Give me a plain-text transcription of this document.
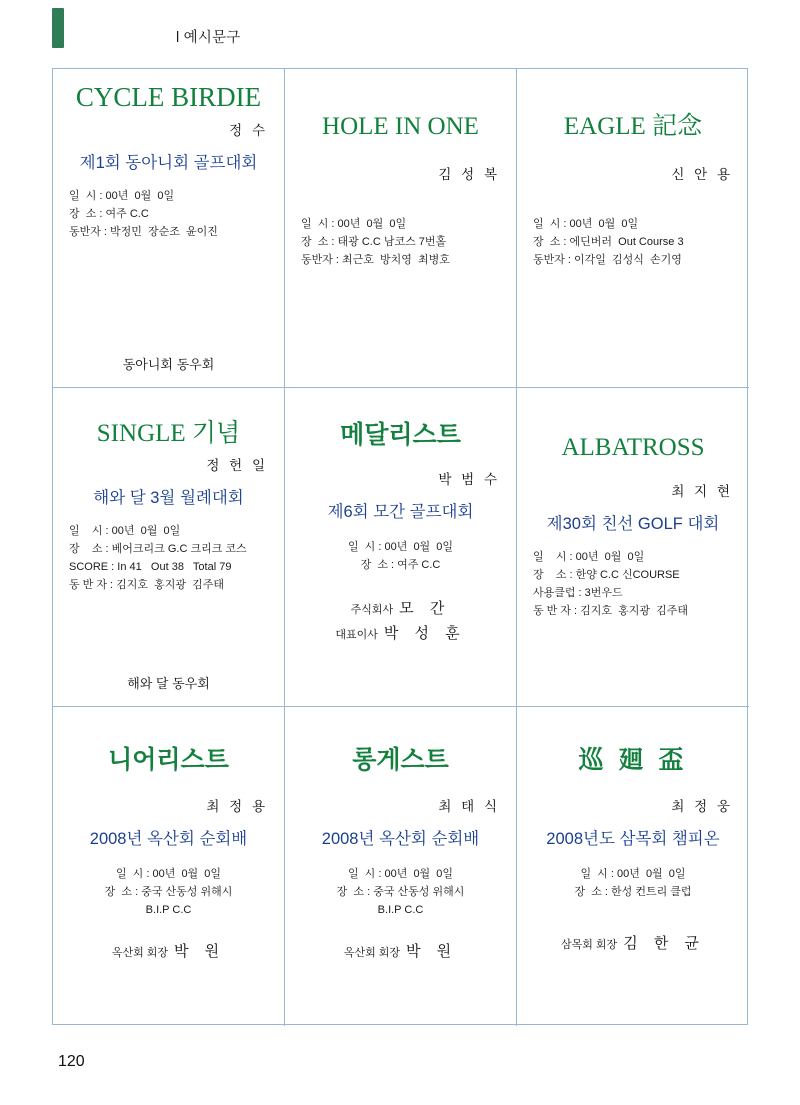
l 예시문구
CYCLE BIRDIE
정 수
제1회 동아니회 골프대회
일  시 : 00년  0월  0일
장  소 : 여주 C.C
동반자 : 박정민  장순조  윤이진
동아니회 동우회
HOLE IN ONE
김 성 복
일  시 : 00년  0월  0일
장  소 : 태광 C.C 남코스 7번홀
동반자 : 최근호  방치영  최병호
EAGLE 記念
신 안 용
일  시 : 00년  0월  0일
장  소 : 에딘버러  Out Course 3
동반자 : 이각일  김성식  손기영
SINGLE 기념
정 헌 일
해와 달 3월 월례대회
일    시 : 00년  0월  0일
장    소 : 베어크리크 G.C 크리크 코스
SCORE : In 41   Out 38   Total 79
동 반 자 : 김지호  홍지광  김주태
해와 달 동우회
메달리스트
박 범 수
제6회 모간 골프대회
일  시 : 00년  0월  0일
장  소 : 여주 C.C
주식회사 모 간
대표이사 박 성 훈
ALBATROSS
최 지 현
제30회 친선 GOLF 대회
일    시 : 00년  0월  0일
장    소 : 한양 C.C 신COURSE
사용클럽 : 3번우드
동 반 자 : 김지호  홍지광  김주태
니어리스트
최 정 용
2008년 옥산회 순회배
일  시 : 00년  0월  0일
장  소 : 중국 산동성 위해시
B.I.P C.C
옥산회 회장 박 원
롱게스트
최 태 식
2008년 옥산회 순회배
일  시 : 00년  0월  0일
장  소 : 중국 산동성 위해시
B.I.P C.C
옥산회 회장 박 원
巡 廻 盃
최 정 웅
2008년도 삼목회 챔피온
일  시 : 00년  0월  0일
장  소 : 한성 컨트리 클럽
삼목회 회장 김 한 균
120
